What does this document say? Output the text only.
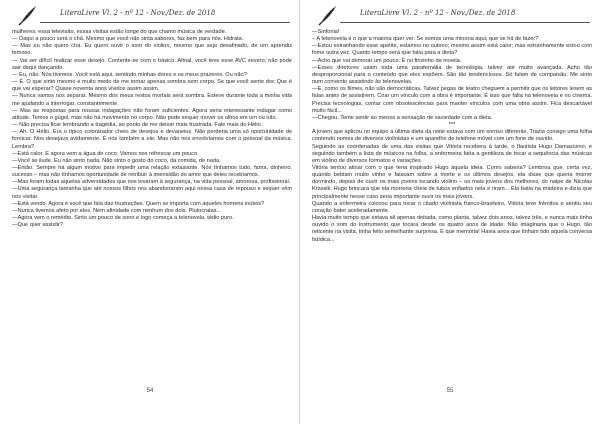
LiteraLivre Vl. 2 - nº 12 - Nov./Dez. de 2018

mulheres, essa televisão, essas visitas estão longe do que chamo música de verdade.

— Daqui a pouco será o chá. Mesmo que você não sinta sabores, faz bem para nós. Hidrata.

— Mas eu não quero chá. Eu quero ouvir o som do violino, mesmo que seja desafinado, de um aprendiz temoso.

— Vai ser difícil realizar esse desejo. Contente-se com o básico. Afinal, você teve esse AVC severo, não pode sair daqui dançando.

— Eu, não. Nós tivemos. Você está aqui, sentindo minhas dores e os meus prazeres. Ou não?

— É. O que sinto mesmo é muito medo de me tornar apenas sombra sem corpo. Se que você sente doc Que é que vai esperar? Quase noventa anos vividos assim assim.

— Nunca vamos nos separar. Mesmo dos meus restos mortais será sombra. Esteve durante toda a minha vida me ajudando a interrogar, constantemente.

— Mas as respostas para nossas indagações não foram suficientes. Agora seria interessante indagar como atitude. Temos o gúgol, mas não há movimento no corpo. Não pode sequer mover os olhos em um ou não.

— Não precisa ficar lembrando a tragédia, ao ponto de me deixar mais frustrada. Fale mais do Hélio.

— Ah. O Hélio. Era o típico colonizador cheio de desejos e devaneios. Não perderia uma só oportunidade de fornicar. Nos desejava avidamente. É nós também a ele. Mas não nos envolvíamos com o pessoal da música. Lembra?

—Está calor. E agora vem a água de coco. Vamos nos refrescar um pouco.

—Você se ilude. Eu não sinto nada. Não sinto o gosto do coco, da comida, de nada.

—Então. Sempre há algum motivo para impedir uma relação extasiante. Nós tínhamos tudo, fama, dinheiro, sucesso – mas não tínhamos oportunidade de retribuir à imensidão do amor que deles recebíamos.

—Mas foram todas aquelas adversidades que nos levaram à segurança, na vida pessoal, amorosa, profissional.

—Uma segurança tamanha que até nossos filhos nos abandonaram aqui nessa casa de repouso e sequer vêm nos visitar.

—Está vendo. Agora é você que fala das frustrações. Quem se importa com aqueles homens inúteis?

—Nunca tivemos afeto por eles. Nem afinidade com nenhum dos dois. Plutocratas...

—Agora vem o remédio. Sinto um pouco de sono e logo começa a telenovela, tédio puro.

—Que quer assistir?

54
LiteraLivre Vl. 2 - nº 12 - Nov./Dez. de 2018

—Sinfonia!

– A telenovela é o que a maioria quer ver. Se somos uma minoria aqui, que se há de fazer?

—Estou estranhando esse apetite, estamos no outono; mesmo assim está calor; mas estranhamente estou com fome outra vez. Quanto tempo será que falta para a dieta?

—Acho que vai demorar um pouco. É no finzinho da novela.

—Esses diretores usam toda uma parafernália de tecnologia, talvez até muito avançada. Acho tão desproporcional para o conteúdo que eles expõem. São tão tendenciosos. Só falam de compaixão. Me sinto num convento assistindo às telenovelas.

—E, como os filmes, não são democráticas. Talvez pegas de teatro cheguem a permitir que os leitores lesem as falas antes de assistirem. Criar um vínculo com a obra é importante. É isso que falta na telenovela e no cinema. Precisa tecnologias, contar com obsolescências para manter vínculos com uma obra assim. Fica descartável muito fácil...

—Chegou. Tente sentir ao menos a sensação de saciedade com a dieta.

***

A jovem que aplicou no equipo a última dieta da noite estava com um sorriso diferente. Trazia consigo uma folha contendo nomes de diversos violinistas e um aparelho de telefone móvel com um fone de ouvido.

Seguindo as coordenadas de uma das visitas que Vitória recebera à tarde, o flautista Hugo Damasceno, e seguindo também a lista de músicos na folha, a enfermeira faria a gentileza de tocar a sequência das músicas em violino de diversos formatos e variações.

Vitória tentou atinar com o que teria inspirado Hugo àquela ideia. Como saberia? Lembrou que, certa vez, quando bebiam muito vinho e falavam sobre a morte e os últimos desejos, ela disse que queria morrer dormindo, depois de ouvir os mais jovens tocando violino – os mais jovens dos melhores, do naipe de Nicolas Krassik. Hugo brincara que ela morreria cheia de tubos enfiados nela e riram... Ela batia na madeira e dizia que principalmente nesse caso seria importante ouvir os mais jovens.

Quando a enfermeira colocou para tocar o citado violinista franco-brasileiro, Vitória teve frêmitos e sentiu seu coração bater aceleradamente.

Havia muito tempo que estava ali apenas deitada, como planta, talvez dois anos, talvez três, e nunca mais tinha ouvido o som do instrumento que tocara desde os quatro anos de idade. Não imaginaria que o Hugo, tão reticente na visita, tinha feito semelhante surpresa. E que memória! Havia anos que tinham tido aquela conversa fatídica...

55
